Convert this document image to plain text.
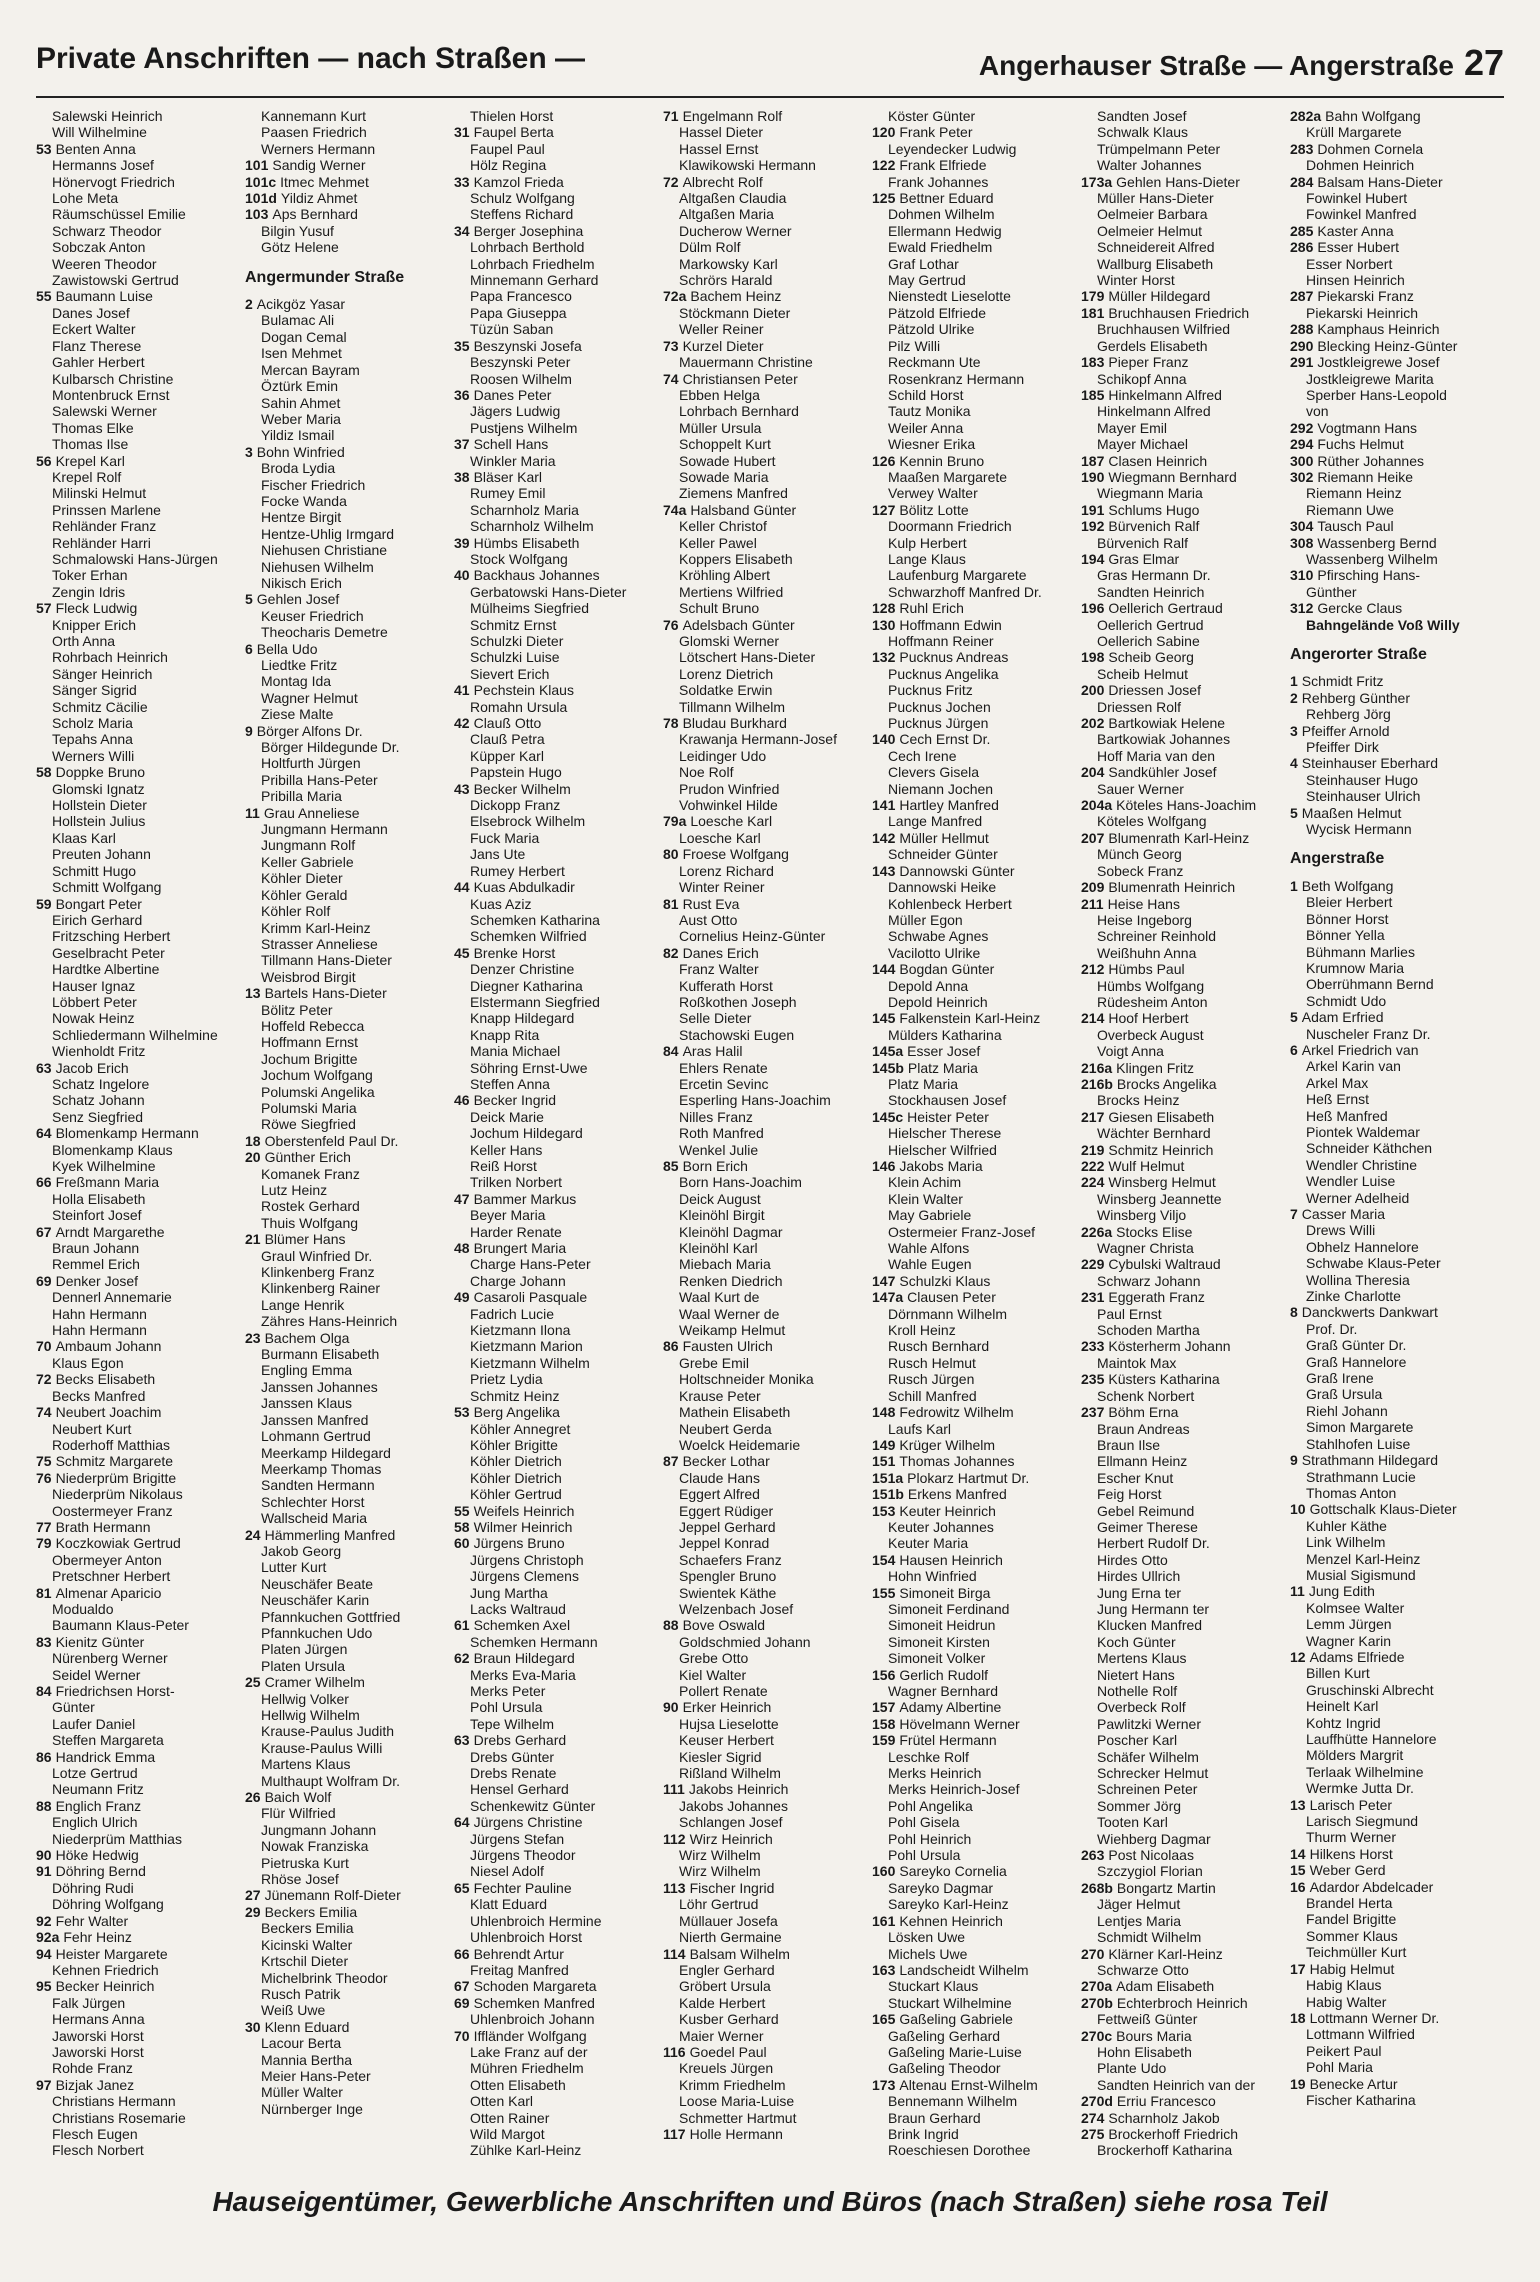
Private Anschriften — nach Straßen —	Angerhauser Straße — Angerstraße 27
Salewski Heinrich
Will Wilhelmine
53 Benten Anna
Hermanns Josef
Hönervogt Friedrich
Lohe Meta
Räumschüssel Emilie
Schwarz Theodor
Sobczak Anton
Weeren Theodor
Zawistowski Gertrud
55 Baumann Luise
Danes Josef
Eckert Walter
Flanz Therese
Gahler Herbert
Kulbarsch Christine
Montenbruck Ernst
Salewski Werner
Thomas Elke
Thomas Ilse
56 Krepel Karl
Krepel Rolf
Milinski Helmut
Prinssen Marlene
Rehländer Franz
Rehländer Harri
Schmalowski Hans-Jürgen
Toker Erhan
Zengin Idris
57 Fleck Ludwig
Knipper Erich
Orth Anna
Rohrbach Heinrich
Sänger Heinrich
Sänger Sigrid
Schmitz Cäcilie
Scholz Maria
Tepahs Anna
Werners Willi
58 Doppke Bruno
Glomski Ignatz
Hollstein Dieter
Hollstein Julius
Klaas Karl
Preuten Johann
Schmitt Hugo
Schmitt Wolfgang
59 Bongart Peter
Eirich Gerhard
Fritzsching Herbert
Geselbracht Peter
Hardtke Albertine
Hauser Ignaz
Löbbert Peter
Nowak Heinz
Schliedermann Wilhelmine
Wienholdt Fritz
63 Jacob Erich
Schatz Ingelore
Schatz Johann
Senz Siegfried
64 Blomenkamp Hermann
Blomenkamp Klaus
Kyek Wilhelmine
66 Freßmann Maria
Holla Elisabeth
Steinfort Josef
67 Arndt Margarethe
Braun Johann
Remmel Erich
69 Denker Josef
Dennerl Annemarie
Hahn Hermann
Hahn Hermann
70 Ambaum Johann
Klaus Egon
72 Becks Elisabeth
Becks Manfred
74 Neubert Joachim
Neubert Kurt
Roderhoff Matthias
75 Schmitz Margarete
76 Niederprüm Brigitte
Niederprüm Nikolaus
Oostermeyer Franz
77 Brath Hermann
79 Koczkowiak Gertrud
Obermeyer Anton
Pretschner Herbert
81 Almenar Aparicio
Modualdo
Baumann Klaus-Peter
83 Kienitz Günter
Nürenberg Werner
Seidel Werner
84 Friedrichsen Horst-
Günter
Laufer Daniel
Steffen Margareta
86 Handrick Emma
Lotze Gertrud
Neumann Fritz
88 Englich Franz
Englich Ulrich
Niederprüm Matthias
90 Höke Hedwig
91 Döhring Bernd
Döhring Rudi
Döhring Wolfgang
92 Fehr Walter
92a Fehr Heinz
94 Heister Margarete
Kehnen Friedrich
95 Becker Heinrich
Falk Jürgen
Hermans Anna
Jaworski Horst
Jaworski Horst
Rohde Franz
97 Bizjak Janez
Christians Hermann
Christians Rosemarie
Flesch Eugen
Flesch Norbert
Kannemann Kurt
Paasen Friedrich
Werners Hermann
101 Sandig Werner
101c Itmec Mehmet
101d Yildiz Ahmet
103 Aps Bernhard
Bilgin Yusuf
Götz Helene
Angermunder Straße
2 Acikgöz Yasar
Bulamac Ali
Dogan Cemal
Isen Mehmet
Mercan Bayram
Öztürk Emin
Sahin Ahmet
Weber Maria
Yildiz Ismail
3 Bohn Winfried
Broda Lydia
Fischer Friedrich
Focke Wanda
Hentze Birgit
Hentze-Uhlig Irmgard
Niehusen Christiane
Niehusen Wilhelm
Nikisch Erich
5 Gehlen Josef
Keuser Friedrich
Theocharis Demetre
6 Bella Udo
Liedtke Fritz
Montag Ida
Wagner Helmut
Ziese Malte
9 Börger Alfons Dr.
Börger Hildegunde Dr.
Holtfurth Jürgen
Pribilla Hans-Peter
Pribilla Maria
11 Grau Anneliese
Jungmann Hermann
Jungmann Rolf
Keller Gabriele
Köhler Dieter
Köhler Gerald
Köhler Rolf
Krimm Karl-Heinz
Strasser Anneliese
Tillmann Hans-Dieter
Weisbrod Birgit
13 Bartels Hans-Dieter
Bölitz Peter
Hoffeld Rebecca
Hoffmann Ernst
Jochum Brigitte
Jochum Wolfgang
Polumski Angelika
Polumski Maria
Röwe Siegfried
18 Oberstenfeld Paul Dr.
20 Günther Erich
Komanek Franz
Lutz Heinz
Rostek Gerhard
Thuis Wolfgang
21 Blümer Hans
Graul Winfried Dr.
Klinkenberg Franz
Klinkenberg Rainer
Lange Henrik
Zähres Hans-Heinrich
23 Bachem Olga
Burmann Elisabeth
Engling Emma
Janssen Johannes
Janssen Klaus
Janssen Manfred
Lohmann Gertrud
Meerkamp Hildegard
Meerkamp Thomas
Sandten Hermann
Schlechter Horst
Wallscheid Maria
24 Hämmerling Manfred
Jakob Georg
Lutter Kurt
Neuschäfer Beate
Neuschäfer Karin
Pfannkuchen Gottfried
Pfannkuchen Udo
Platen Jürgen
Platen Ursula
25 Cramer Wilhelm
Hellwig Volker
Hellwig Wilhelm
Krause-Paulus Judith
Krause-Paulus Willi
Martens Klaus
Multhaupt Wolfram Dr.
26 Baich Wolf
Flür Wilfried
Jungmann Johann
Nowak Franziska
Pietruska Kurt
Rhöse Josef
27 Jünemann Rolf-Dieter
29 Beckers Emilia
Beckers Emilia
Kicinski Walter
Krtschil Dieter
Michelbrink Theodor
Rusch Patrik
Weiß Uwe
30 Klenn Eduard
Lacour Berta
Mannia Bertha
Meier Hans-Peter
Müller Walter
Nürnberger Inge
Thielen Horst
31 Faupel Berta
Faupel Paul
Hölz Regina
33 Kamzol Frieda
Schulz Wolfgang
Steffens Richard
34 Berger Josephina
Lohrbach Berthold
Lohrbach Friedhelm
Minnemann Gerhard
Papa Francesco
Papa Giuseppa
Tüzün Saban
35 Beszynski Josefa
Beszynski Peter
Roosen Wilhelm
36 Danes Peter
Jägers Ludwig
Pustjens Wilhelm
37 Schell Hans
Winkler Maria
38 Bläser Karl
Rumey Emil
Scharnholz Maria
Scharnholz Wilhelm
39 Hümbs Elisabeth
Stock Wolfgang
40 Backhaus Johannes
Gerbatowski Hans-Dieter
Mülheims Siegfried
Schmitz Ernst
Schulzki Dieter
Schulzki Luise
Sievert Erich
41 Pechstein Klaus
Romahn Ursula
42 Clauß Otto
Clauß Petra
Küpper Karl
Papstein Hugo
43 Becker Wilhelm
Dickopp Franz
Elsebrock Wilhelm
Fuck Maria
Jans Ute
Rumey Herbert
44 Kuas Abdulkadir
Kuas Aziz
Schemken Katharina
Schemken Wilfried
45 Brenke Horst
Denzer Christine
Diegner Katharina
Elstermann Siegfried
Knapp Hildegard
Knapp Rita
Mania Michael
Söhring Ernst-Uwe
Steffen Anna
46 Becker Ingrid
Deick Marie
Jochum Hildegard
Keller Hans
Reiß Horst
Trilken Norbert
47 Bammer Markus
Beyer Maria
Harder Renate
48 Brungert Maria
Charge Hans-Peter
Charge Johann
49 Casaroli Pasquale
Fadrich Lucie
Kietzmann Ilona
Kietzmann Marion
Kietzmann Wilhelm
Prietz Lydia
Schmitz Heinz
53 Berg Angelika
Köhler Annegret
Köhler Brigitte
Köhler Dietrich
Köhler Dietrich
Köhler Gertrud
55 Weifels Heinrich
58 Wilmer Heinrich
60 Jürgens Bruno
Jürgens Christoph
Jürgens Clemens
Jung Martha
Lacks Waltraud
61 Schemken Axel
Schemken Hermann
62 Braun Hildegard
Merks Eva-Maria
Merks Peter
Pohl Ursula
Tepe Wilhelm
63 Drebs Gerhard
Drebs Günter
Drebs Renate
Hensel Gerhard
Schenkewitz Günter
64 Jürgens Christine
Jürgens Stefan
Jürgens Theodor
Niesel Adolf
65 Fechter Pauline
Klatt Eduard
Uhlenbroich Hermine
Uhlenbroich Horst
66 Behrendt Artur
Freitag Manfred
67 Schoden Margareta
69 Schemken Manfred
Uhlenbroich Johann
70 Iffländer Wolfgang
Lake Franz auf der
Mühren Friedhelm
Otten Elisabeth
Otten Karl
Otten Rainer
Wild Margot
Zühlke Karl-Heinz
71 Engelmann Rolf
Hassel Dieter
Hassel Ernst
Klawikowski Hermann
72 Albrecht Rolf
Altgaßen Claudia
Altgaßen Maria
Ducherow Werner
Dülm Rolf
Markowsky Karl
Schrörs Harald
72a Bachem Heinz
Stöckmann Dieter
Weller Reiner
73 Kurzel Dieter
Mauermann Christine
74 Christiansen Peter
Ebben Helga
Lohrbach Bernhard
Müller Ursula
Schoppelt Kurt
Sowade Hubert
Sowade Maria
Ziemens Manfred
74a Halsband Günter
Keller Christof
Keller Pawel
Koppers Elisabeth
Kröhling Albert
Mertiens Wilfried
Schult Bruno
76 Adelsbach Günter
Glomski Werner
Lötschert Hans-Dieter
Lorenz Dietrich
Soldatke Erwin
Tillmann Wilhelm
78 Bludau Burkhard
Krawanja Hermann-Josef
Leidinger Udo
Noe Rolf
Prudon Winfried
Vohwinkel Hilde
79a Loesche Karl
Loesche Karl
80 Froese Wolfgang
Lorenz Richard
Winter Reiner
81 Rust Eva
Aust Otto
Cornelius Heinz-Günter
82 Danes Erich
Franz Walter
Kufferath Horst
Roßkothen Joseph
Selle Dieter
Stachowski Eugen
84 Aras Halil
Ehlers Renate
Ercetin Sevinc
Esperling Hans-Joachim
Nilles Franz
Roth Manfred
Wenkel Julie
85 Born Erich
Born Hans-Joachim
Deick August
Kleinöhl Birgit
Kleinöhl Dagmar
Kleinöhl Karl
Miebach Maria
Renken Diedrich
Waal Kurt de
Waal Werner de
Weikamp Helmut
86 Fausten Ulrich
Grebe Emil
Holtschneider Monika
Krause Peter
Mathein Elisabeth
Neubert Gerda
Woelck Heidemarie
87 Becker Lothar
Claude Hans
Eggert Alfred
Eggert Rüdiger
Jeppel Gerhard
Jeppel Konrad
Schaefers Franz
Spengler Bruno
Swientek Käthe
Welzenbach Josef
88 Bove Oswald
Goldschmied Johann
Grebe Otto
Kiel Walter
Pollert Renate
90 Erker Heinrich
Hujsa Lieselotte
Keuser Herbert
Kiesler Sigrid
Rißland Wilhelm
111 Jakobs Heinrich
Jakobs Johannes
Schlangen Josef
112 Wirz Heinrich
Wirz Wilhelm
Wirz Wilhelm
113 Fischer Ingrid
Löhr Gertrud
Müllauer Josefa
Nierth Germaine
114 Balsam Wilhelm
Engler Gerhard
Gröbert Ursula
Kalde Herbert
Kusber Gerhard
Maier Werner
116 Goedel Paul
Kreuels Jürgen
Krimm Friedhelm
Loose Maria-Luise
Schmetter Hartmut
117 Holle Hermann
Köster Günter
120 Frank Peter
Leyendecker Ludwig
122 Frank Elfriede
Frank Johannes
125 Bettner Eduard
Dohmen Wilhelm
Ellermann Hedwig
Ewald Friedhelm
Graf Lothar
May Gertrud
Nienstedt Lieselotte
Pätzold Elfriede
Pätzold Ulrike
Pilz Willi
Reckmann Ute
Rosenkranz Hermann
Schild Horst
Tautz Monika
Weiler Anna
Wiesner Erika
126 Kennin Bruno
Maaßen Margarete
Verwey Walter
127 Bölitz Lotte
Doormann Friedrich
Kulp Herbert
Lange Klaus
Laufenburg Margarete
Schwarzhoff Manfred Dr.
128 Ruhl Erich
130 Hoffmann Edwin
Hoffmann Reiner
132 Pucknus Andreas
Pucknus Angelika
Pucknus Fritz
Pucknus Jochen
Pucknus Jürgen
140 Cech Ernst Dr.
Cech Irene
Clevers Gisela
Niemann Jochen
141 Hartley Manfred
Lange Manfred
142 Müller Hellmut
Schneider Günter
143 Dannowski Günter
Dannowski Heike
Kohlenbeck Herbert
Müller Egon
Schwabe Agnes
Vacilotto Ulrike
144 Bogdan Günter
Depold Anna
Depold Heinrich
145 Falkenstein Karl-Heinz
Mülders Katharina
145a Esser Josef
145b Platz Maria
Platz Maria
Stockhausen Josef
145c Heister Peter
Hielscher Therese
Hielscher Wilfried
146 Jakobs Maria
Klein Achim
Klein Walter
May Gabriele
Ostermeier Franz-Josef
Wahle Alfons
Wahle Eugen
147 Schulzki Klaus
147a Clausen Peter
Dörnmann Wilhelm
Kroll Heinz
Rusch Bernhard
Rusch Helmut
Rusch Jürgen
Schill Manfred
148 Fedrowitz Wilhelm
Laufs Karl
149 Krüger Wilhelm
151 Thomas Johannes
151a Plokarz Hartmut Dr.
151b Erkens Manfred
153 Keuter Heinrich
Keuter Johannes
Keuter Maria
154 Hausen Heinrich
Hohn Winfried
155 Simoneit Birga
Simoneit Ferdinand
Simoneit Heidrun
Simoneit Kirsten
Simoneit Volker
156 Gerlich Rudolf
Wagner Bernhard
157 Adamy Albertine
158 Hövelmann Werner
159 Frütel Hermann
Leschke Rolf
Merks Heinrich
Merks Heinrich-Josef
Pohl Angelika
Pohl Gisela
Pohl Heinrich
Pohl Ursula
160 Sareyko Cornelia
Sareyko Dagmar
Sareyko Karl-Heinz
161 Kehnen Heinrich
Lösken Uwe
Michels Uwe
163 Landscheidt Wilhelm
Stuckart Klaus
Stuckart Wilhelmine
165 Gaßeling Gabriele
Gaßeling Gerhard
Gaßeling Marie-Luise
Gaßeling Theodor
173 Altenau Ernst-Wilhelm
Bennemann Wilhelm
Braun Gerhard
Brink Ingrid
Roeschiesen Dorothee
Sandten Josef
Schwalk Klaus
Trümpelmann Peter
Walter Johannes
173a Gehlen Hans-Dieter
Müller Hans-Dieter
Oelmeier Barbara
Oelmeier Helmut
Schneidereit Alfred
Wallburg Elisabeth
Winter Horst
179 Müller Hildegard
181 Bruchhausen Friedrich
Bruchhausen Wilfried
Gerdels Elisabeth
183 Pieper Franz
Schikopf Anna
185 Hinkelmann Alfred
Hinkelmann Alfred
Mayer Emil
Mayer Michael
187 Clasen Heinrich
190 Wiegmann Bernhard
Wiegmann Maria
191 Schlums Hugo
192 Bürvenich Ralf
Bürvenich Ralf
194 Gras Elmar
Gras Hermann Dr.
Sandten Heinrich
196 Oellerich Gertraud
Oellerich Gertrud
Oellerich Sabine
198 Scheib Georg
Scheib Helmut
200 Driessen Josef
Driessen Rolf
202 Bartkowiak Helene
Bartkowiak Johannes
Hoff Maria van den
204 Sandkühler Josef
Sauer Werner
204a Köteles Hans-Joachim
Köteles Wolfgang
207 Blumenrath Karl-Heinz
Münch Georg
Sobeck Franz
209 Blumenrath Heinrich
211 Heise Hans
Heise Ingeborg
Schreiner Reinhold
Weißhuhn Anna
212 Hümbs Paul
Hümbs Wolfgang
Rüdesheim Anton
214 Hoof Herbert
Overbeck August
Voigt Anna
216a Klingen Fritz
216b Brocks Angelika
Brocks Heinz
217 Giesen Elisabeth
Wächter Bernhard
219 Schmitz Heinrich
222 Wulf Helmut
224 Winsberg Helmut
Winsberg Jeannette
Winsberg Viljo
226a Stocks Elise
Wagner Christa
229 Cybulski Waltraud
Schwarz Johann
231 Eggerath Franz
Paul Ernst
Schoden Martha
233 Kösterherm Johann
Maintok Max
235 Küsters Katharina
Schenk Norbert
237 Böhm Erna
Braun Andreas
Braun Ilse
Ellmann Heinz
Escher Knut
Feig Horst
Gebel Reimund
Geimer Therese
Herbert Rudolf Dr.
Hirdes Otto
Hirdes Ullrich
Jung Erna ter
Jung Hermann ter
Klucken Manfred
Koch Günter
Mertens Klaus
Nietert Hans
Nothelle Rolf
Overbeck Rolf
Pawlitzki Werner
Poscher Karl
Schäfer Wilhelm
Schrecker Helmut
Schreinen Peter
Sommer Jörg
Tooten Karl
Wiehberg Dagmar
263 Post Nicolaas
Szczygiol Florian
268b Bongartz Martin
Jäger Helmut
Lentjes Maria
Schmidt Wilhelm
270 Klärner Karl-Heinz
Schwarze Otto
270a Adam Elisabeth
270b Echterbroch Heinrich
Fettweiß Günter
270c Bours Maria
Hohn Elisabeth
Plante Udo
Sandten Heinrich van der
270d Erriu Francesco
274 Scharnholz Jakob
275 Brockerhoff Friedrich
Brockerhoff Katharina
282a Bahn Wolfgang
Krüll Margarete
283 Dohmen Cornela
Dohmen Heinrich
284 Balsam Hans-Dieter
Fowinkel Hubert
Fowinkel Manfred
285 Kaster Anna
286 Esser Hubert
Esser Norbert
Hinsen Heinrich
287 Piekarski Franz
Piekarski Heinrich
288 Kamphaus Heinrich
290 Blecking Heinz-Günter
291 Jostkleigrewe Josef
Jostkleigrewe Marita
Sperber Hans-Leopold
von
292 Vogtmann Hans
294 Fuchs Helmut
300 Rüther Johannes
302 Riemann Heike
Riemann Heinz
Riemann Uwe
304 Tausch Paul
308 Wassenberg Bernd
Wassenberg Wilhelm
310 Pfirsching Hans-
Günther
312 Gercke Claus
Bahngelände Voß Willy
Angerorter Straße
1 Schmidt Fritz
2 Rehberg Günther
Rehberg Jörg
3 Pfeiffer Arnold
Pfeiffer Dirk
4 Steinhauser Eberhard
Steinhauser Hugo
Steinhauser Ulrich
5 Maaßen Helmut
Wycisk Hermann
Angerstraße
1 Beth Wolfgang
Bleier Herbert
Bönner Horst
Bönner Yella
Bühmann Marlies
Krumnow Maria
Oberrühmann Bernd
Schmidt Udo
5 Adam Erfried
Nuscheler Franz Dr.
6 Arkel Friedrich van
Arkel Karin van
Arkel Max
Heß Ernst
Heß Manfred
Piontek Waldemar
Schneider Käthchen
Wendler Christine
Wendler Luise
Werner Adelheid
7 Casser Maria
Drews Willi
Obhelz Hannelore
Schwabe Klaus-Peter
Wollina Theresia
Zinke Charlotte
8 Danckwerts Dankwart
Prof. Dr.
Graß Günter Dr.
Graß Hannelore
Graß Irene
Graß Ursula
Riehl Johann
Simon Margarete
Stahlhofen Luise
9 Strathmann Hildegard
Strathmann Lucie
Thomas Anton
10 Gottschalk Klaus-Dieter
Kuhler Käthe
Link Wilhelm
Menzel Karl-Heinz
Musial Sigismund
11 Jung Edith
Kolmsee Walter
Lemm Jürgen
Wagner Karin
12 Adams Elfriede
Billen Kurt
Gruschinski Albrecht
Heinelt Karl
Kohtz Ingrid
Lauffhütte Hannelore
Mölders Margrit
Terlaak Wilhelmine
Wermke Jutta Dr.
13 Larisch Peter
Larisch Siegmund
Thurm Werner
14 Hilkens Horst
15 Weber Gerd
16 Adardor Abdelcader
Brandel Herta
Fandel Brigitte
Sommer Klaus
Teichmüller Kurt
17 Habig Helmut
Habig Klaus
Habig Walter
18 Lottmann Werner Dr.
Lottmann Wilfried
Peikert Paul
Pohl Maria
19 Benecke Artur
Fischer Katharina
Hauseigentümer, Gewerbliche Anschriften und Büros (nach Straßen) siehe rosa Teil
